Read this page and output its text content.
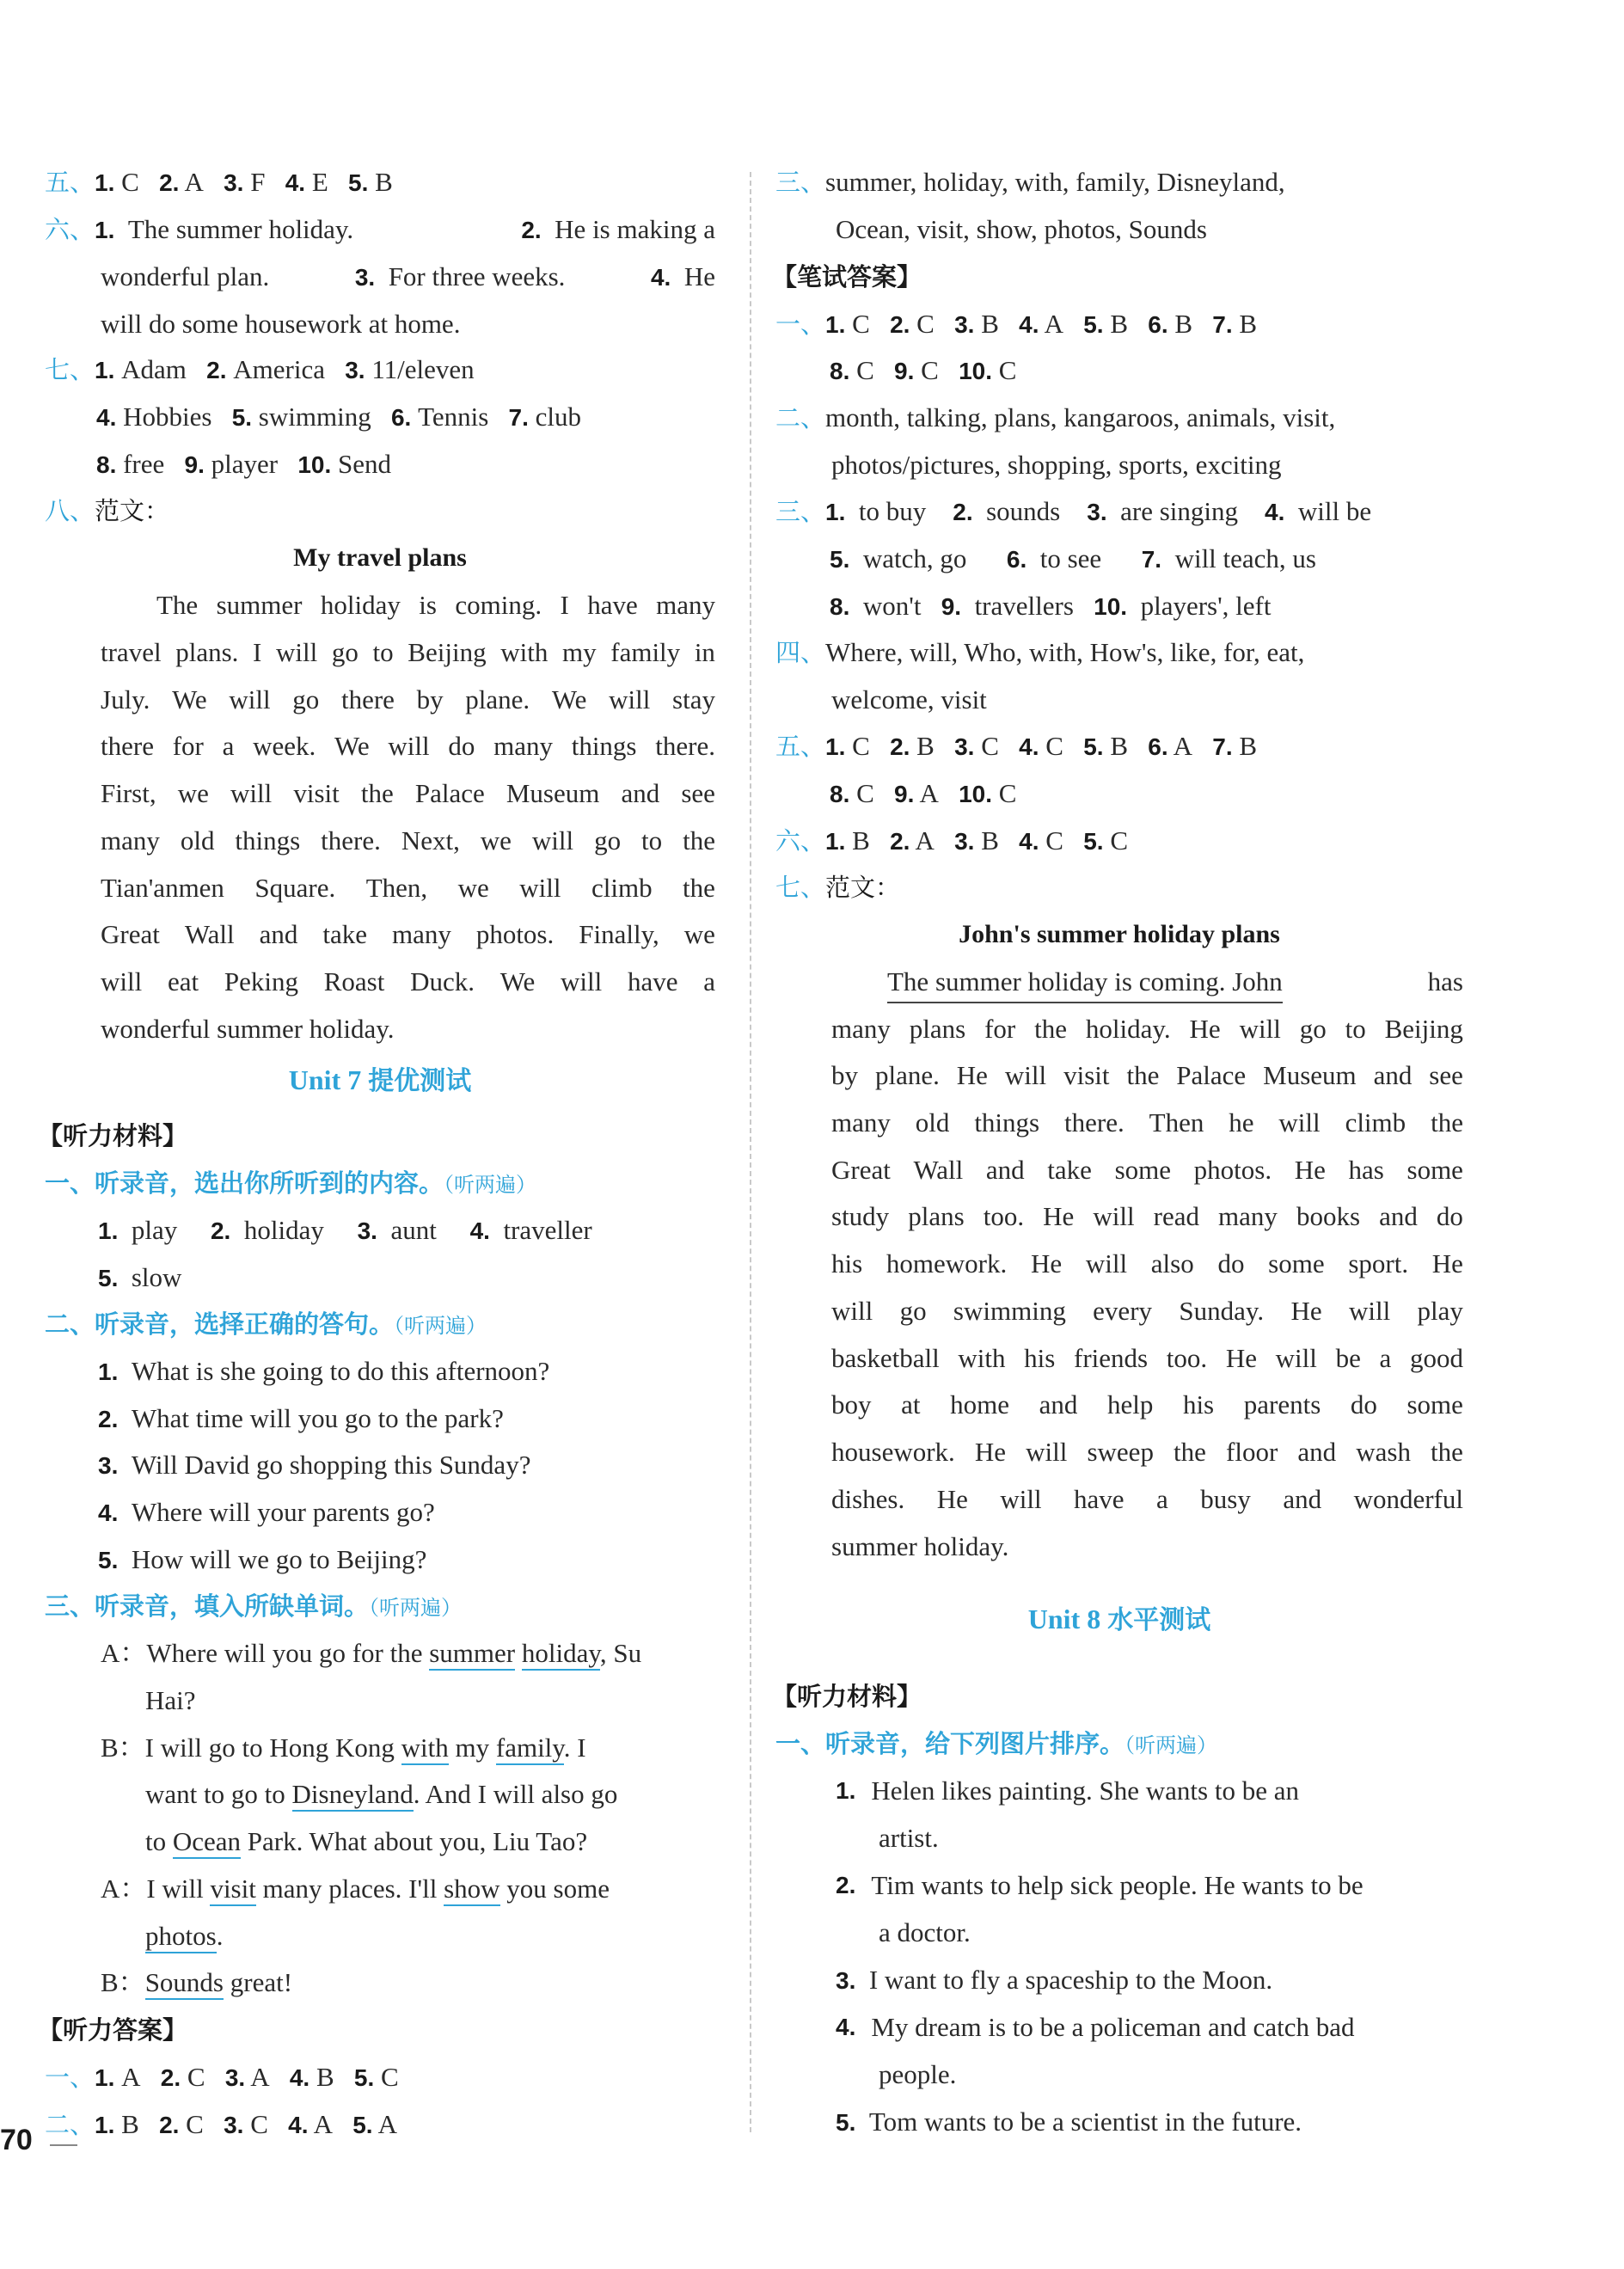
五、1. C 2. A 3. F 4. E 5. B
六、1. The summer holiday.	2. He is making a
wonderful plan.	3. For three weeks.	4. He
will do some housework at home.
七、1. Adam 2. America 3. 11/eleven
4. Hobbies 5. swimming 6. Tennis 7. club
8. free 9. player 10. Send
八、范文：
My travel plans
The summer holiday is coming. I have many
travel plans. I will go to Beijing with my family in
July. We will go there by plane. We will stay
there for a week. We will do many things there.
First, we will visit the Palace Museum and see
many old things there. Next, we will go to the
Tian'anmen Square. Then, we will climb the
Great Wall and take many photos. Finally, we
will eat Peking Roast Duck. We will have a
wonderful summer holiday.
Unit 7 提优测试
【听力材料】
一、听录音，选出你所听到的内容。（听两遍）
1. play 2. holiday 3. aunt 4. traveller
5. slow
二、听录音，选择正确的答句。（听两遍）
1. What is she going to do this afternoon?
2. What time will you go to the park?
3. Will David go shopping this Sunday?
4. Where will your parents go?
5. How will we go to Beijing?
三、听录音，填入所缺单词。（听两遍）
A：Where will you go for the summer holiday, Su
Hai?
B：I will go to Hong Kong with my family. I
want to go to Disneyland. And I will also go
to Ocean Park. What about you, Liu Tao?
A：I will visit many places. I'll show you some
photos.
B：Sounds great!
【听力答案】
一、1. A 2. C 3. A 4. B 5. C
二、1. B 2. C 3. C 4. A 5. A
三、summer, holiday, with, family, Disneyland,
Ocean, visit, show, photos, Sounds
【笔试答案】
一、1. C 2. C 3. B 4. A 5. B 6. B 7. B
8. C 9. C 10. C
二、month, talking, plans, kangaroos, animals, visit,
photos/pictures, shopping, sports, exciting
三、1. to buy 2. sounds 3. are singing 4. will be
5. watch, go 6. to see 7. will teach, us
8. won't 9. travellers 10. players', left
四、Where, will, Who, with, How's, like, for, eat,
welcome, visit
五、1. C 2. B 3. C 4. C 5. B 6. A 7. B
8. C 9. A 10. C
六、1. B 2. A 3. B 4. C 5. C
七、范文：
John's summer holiday plans
The summer holiday is coming. John	has
many plans for the holiday. He will go to Beijing
by plane. He will visit the Palace Museum and see
many old things there. Then he will climb the
Great Wall and take some photos. He has some
study plans too. He will read many books and do
his homework. He will also do some sport. He
will go swimming every Sunday. He will play
basketball with his friends too. He will be a good
boy at home and help his parents do some
housework. He will sweep the floor and wash the
dishes. He will have a busy and wonderful
summer holiday.
Unit 8 水平测试
【听力材料】
一、听录音，给下列图片排序。（听两遍）
1. Helen likes painting. She wants to be an
artist.
2. Tim wants to help sick people. He wants to be
a doctor.
3. I want to fly a spaceship to the Moon.
4. My dream is to be a policeman and catch bad
people.
5. Tom wants to be a scientist in the future.
70
